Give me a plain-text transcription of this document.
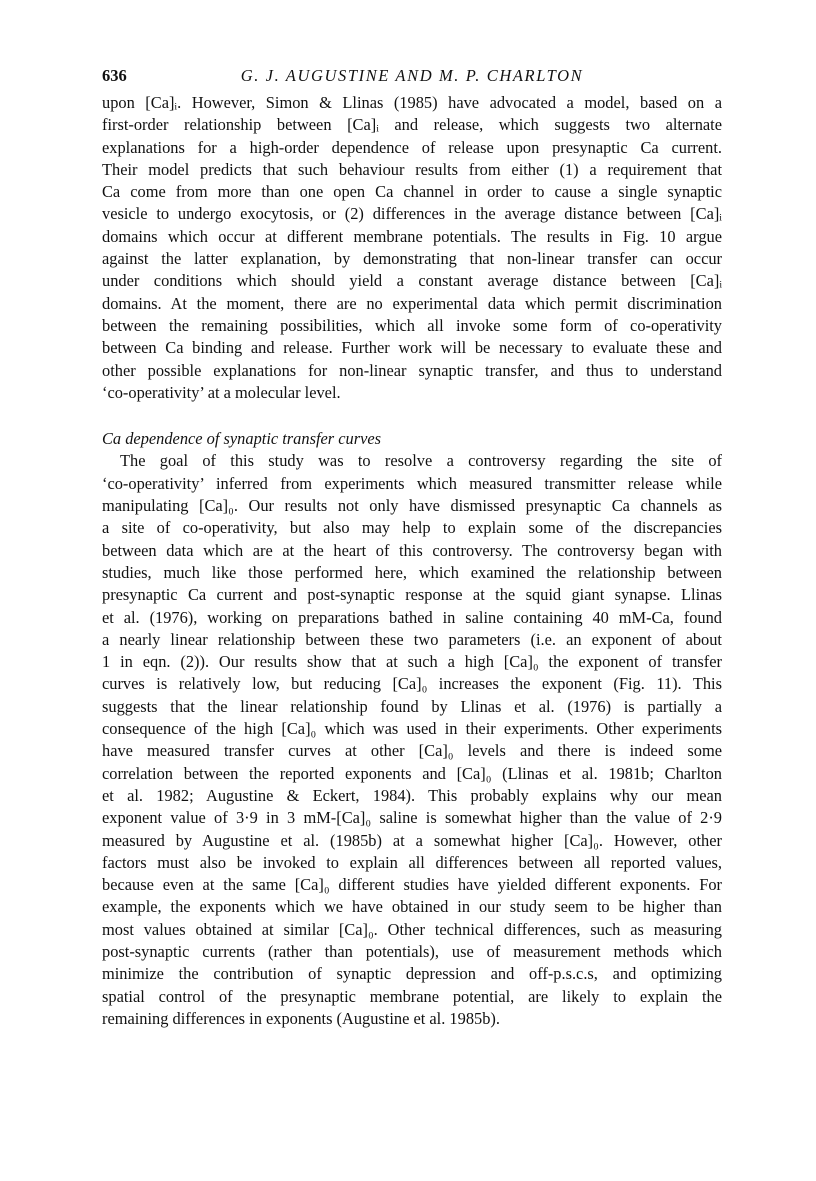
636	G. J. AUGUSTINE AND M. P. CHARLTON
upon [Ca]ᵢ. However, Simon & Llinas (1985) have advocated a model, based on a
first-order relationship between [Ca]ᵢ and release, which suggests two alternate
explanations for a high-order dependence of release upon presynaptic Ca current.
Their model predicts that such behaviour results from either (1) a requirement that
Ca come from more than one open Ca channel in order to cause a single synaptic
vesicle to undergo exocytosis, or (2) differences in the average distance between [Ca]ᵢ
domains which occur at different membrane potentials. The results in Fig. 10 argue
against the latter explanation, by demonstrating that non-linear transfer can occur
under conditions which should yield a constant average distance between [Ca]ᵢ
domains. At the moment, there are no experimental data which permit discrimination
between the remaining possibilities, which all invoke some form of co-operativity
between Ca binding and release. Further work will be necessary to evaluate these and
other possible explanations for non-linear synaptic transfer, and thus to understand
‘co-operativity’ at a molecular level.
Ca dependence of synaptic transfer curves
The goal of this study was to resolve a controversy regarding the site of
‘co-operativity’ inferred from experiments which measured transmitter release while
manipulating [Ca]₀. Our results not only have dismissed presynaptic Ca channels as
a site of co-operativity, but also may help to explain some of the discrepancies
between data which are at the heart of this controversy. The controversy began with
studies, much like those performed here, which examined the relationship between
presynaptic Ca current and post-synaptic response at the squid giant synapse. Llinas
et al. (1976), working on preparations bathed in saline containing 40 mM-Ca, found
a nearly linear relationship between these two parameters (i.e. an exponent of about
1 in eqn. (2)). Our results show that at such a high [Ca]₀ the exponent of transfer
curves is relatively low, but reducing [Ca]₀ increases the exponent (Fig. 11). This
suggests that the linear relationship found by Llinas et al. (1976) is partially a
consequence of the high [Ca]₀ which was used in their experiments. Other experiments
have measured transfer curves at other [Ca]₀ levels and there is indeed some
correlation between the reported exponents and [Ca]₀ (Llinas et al. 1981b; Charlton
et al. 1982; Augustine & Eckert, 1984). This probably explains why our mean
exponent value of 3·9 in 3 mM-[Ca]₀ saline is somewhat higher than the value of 2·9
measured by Augustine et al. (1985b) at a somewhat higher [Ca]₀. However, other
factors must also be invoked to explain all differences between all reported values,
because even at the same [Ca]₀ different studies have yielded different exponents. For
example, the exponents which we have obtained in our study seem to be higher than
most values obtained at similar [Ca]₀. Other technical differences, such as measuring
post-synaptic currents (rather than potentials), use of measurement methods which
minimize the contribution of synaptic depression and off-p.s.c.s, and optimizing
spatial control of the presynaptic membrane potential, are likely to explain the
remaining differences in exponents (Augustine et al. 1985b).
